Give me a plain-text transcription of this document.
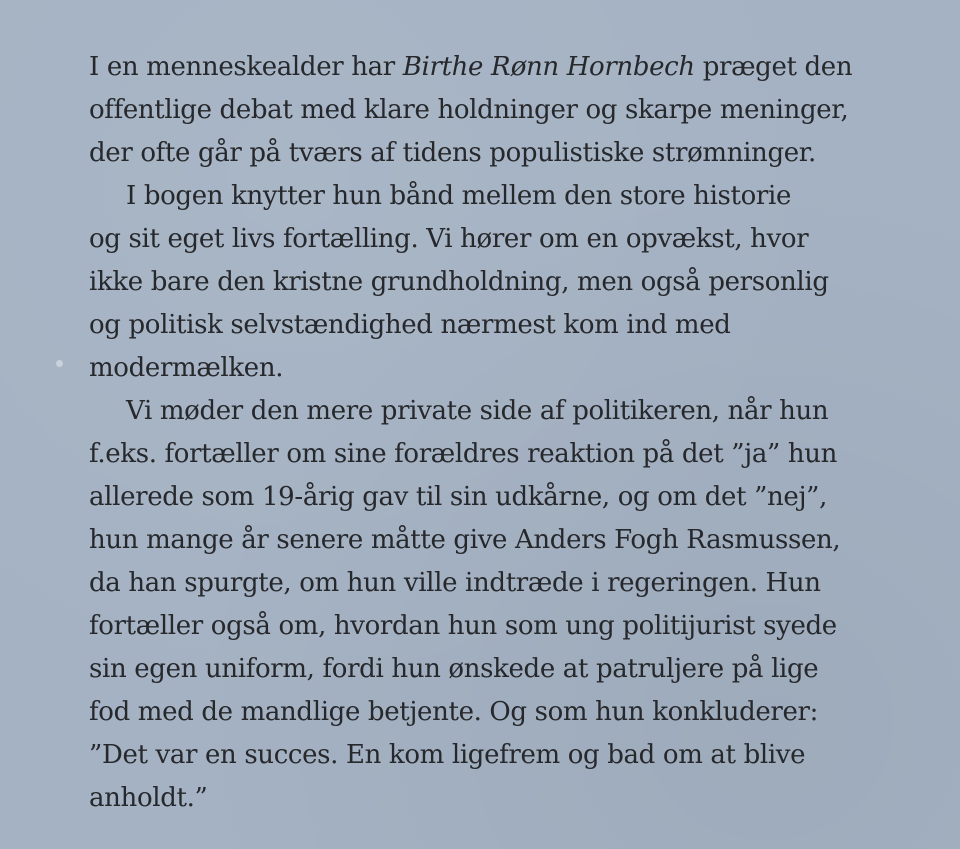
I en menneskealder har Birthe Rønn Hornbech præget den
offentlige debat med klare holdninger og skarpe meninger,
der ofte går på tværs af tidens populistiske strømninger.
I bogen knytter hun bånd mellem den store historie
og sit eget livs fortælling. Vi hører om en opvækst, hvor
ikke bare den kristne grundholdning, men også personlig
og politisk selvstændighed nærmest kom ind med
modermælken.
Vi møder den mere private side af politikeren, når hun
f.eks. fortæller om sine forældres reaktion på det ”ja” hun
allerede som 19-årig gav til sin udkårne, og om det ”nej”,
hun mange år senere måtte give Anders Fogh Rasmussen,
da han spurgte, om hun ville indtræde i regeringen. Hun
fortæller også om, hvordan hun som ung politijurist syede
sin egen uniform, fordi hun ønskede at patruljere på lige
fod med de mandlige betjente. Og som hun konkluderer:
”Det var en succes. En kom ligefrem og bad om at blive
anholdt.”
